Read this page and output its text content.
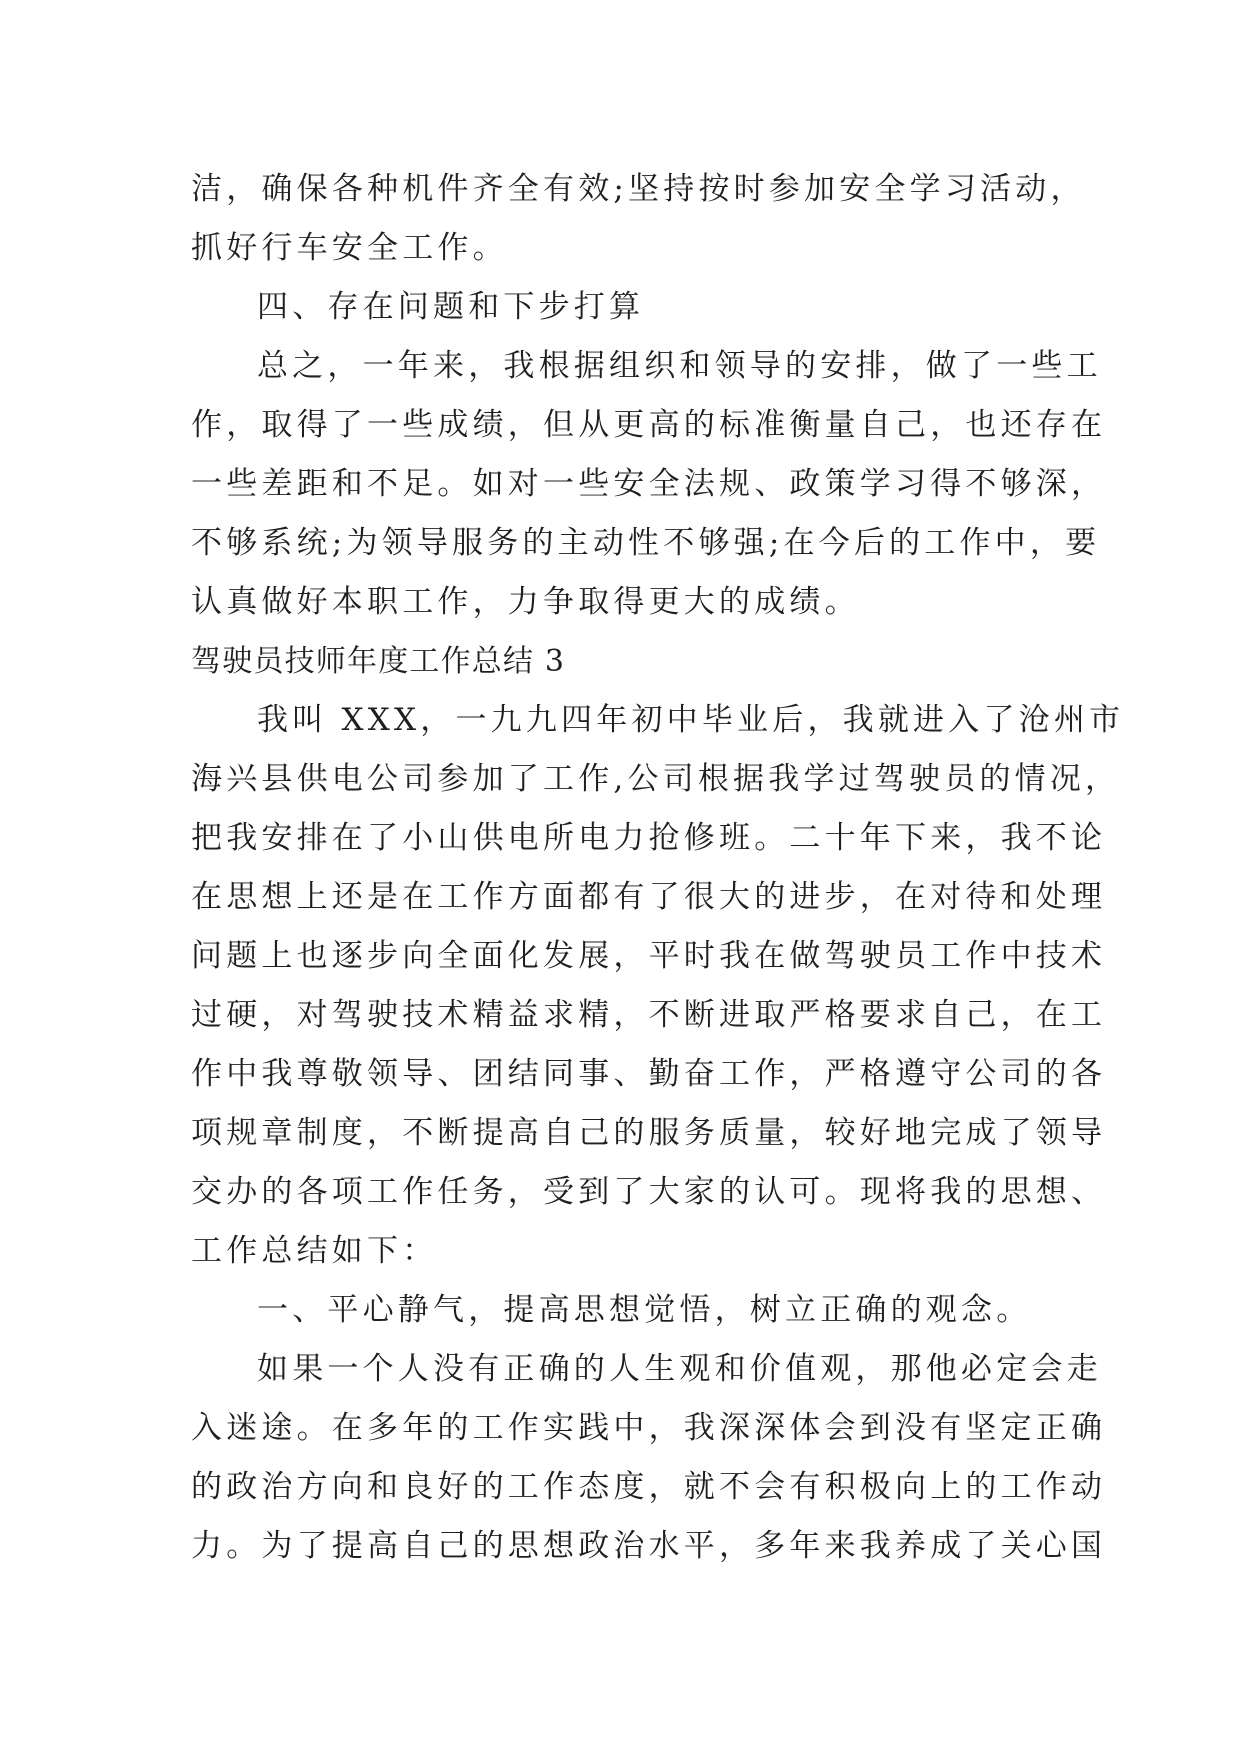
洁，确保各种机件齐全有效;坚持按时参加安全学习活动，
抓好行车安全工作。
四、存在问题和下步打算
总之，一年来，我根据组织和领导的安排，做了一些工
作，取得了一些成绩，但从更高的标准衡量自己，也还存在
一些差距和不足。如对一些安全法规、政策学习得不够深，
不够系统;为领导服务的主动性不够强;在今后的工作中，要
认真做好本职工作，力争取得更大的成绩。
驾驶员技师年度工作总结 3
我叫 XXX，一九九四年初中毕业后，我就进入了沧州市
海兴县供电公司参加了工作,公司根据我学过驾驶员的情况，
把我安排在了小山供电所电力抢修班。二十年下来，我不论
在思想上还是在工作方面都有了很大的进步，在对待和处理
问题上也逐步向全面化发展，平时我在做驾驶员工作中技术
过硬，对驾驶技术精益求精，不断进取严格要求自己，在工
作中我尊敬领导、团结同事、勤奋工作，严格遵守公司的各
项规章制度，不断提高自己的服务质量，较好地完成了领导
交办的各项工作任务，受到了大家的认可。现将我的思想、
工作总结如下：
一、平心静气，提高思想觉悟，树立正确的观念。
如果一个人没有正确的人生观和价值观，那他必定会走
入迷途。在多年的工作实践中，我深深体会到没有坚定正确
的政治方向和良好的工作态度，就不会有积极向上的工作动
力。为了提高自己的思想政治水平，多年来我养成了关心国
